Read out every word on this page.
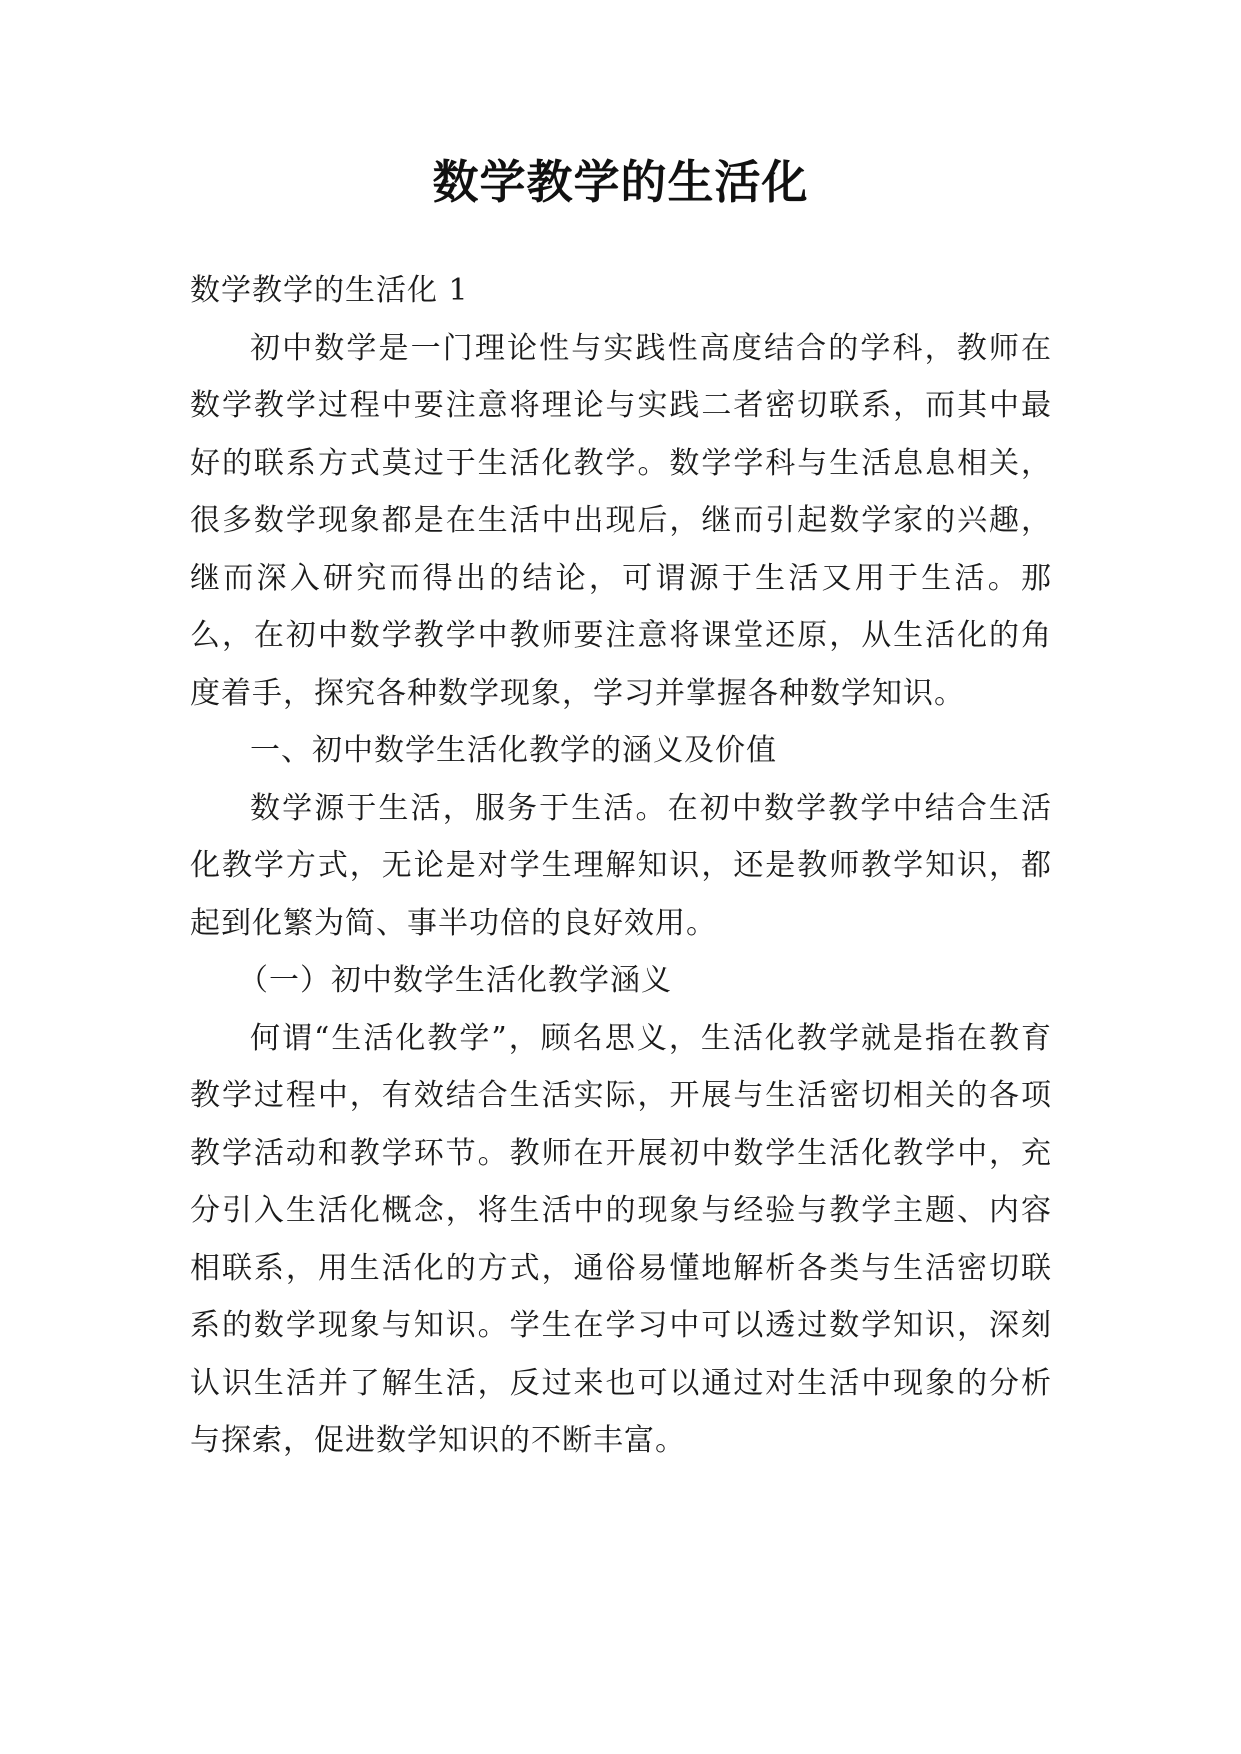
数学教学的生活化

数学教学的生活化 1

初中数学是一门理论性与实践性高度结合的学科，教师在数学教学过程中要注意将理论与实践二者密切联系，而其中最好的联系方式莫过于生活化教学。数学学科与生活息息相关，很多数学现象都是在生活中出现后，继而引起数学家的兴趣，继而深入研究而得出的结论，可谓源于生活又用于生活。那么，在初中数学教学中教师要注意将课堂还原，从生活化的角度着手，探究各种数学现象，学习并掌握各种数学知识。

一、初中数学生活化教学的涵义及价值

数学源于生活，服务于生活。在初中数学教学中结合生活化教学方式，无论是对学生理解知识，还是教师教学知识，都起到化繁为简、事半功倍的良好效用。

（一）初中数学生活化教学涵义

何谓“生活化教学”，顾名思义，生活化教学就是指在教育教学过程中，有效结合生活实际，开展与生活密切相关的各项教学活动和教学环节。教师在开展初中数学生活化教学中，充分引入生活化概念，将生活中的现象与经验与教学主题、内容相联系，用生活化的方式，通俗易懂地解析各类与生活密切联系的数学现象与知识。学生在学习中可以透过数学知识，深刻认识生活并了解生活，反过来也可以通过对生活中现象的分析与探索，促进数学知识的不断丰富。
